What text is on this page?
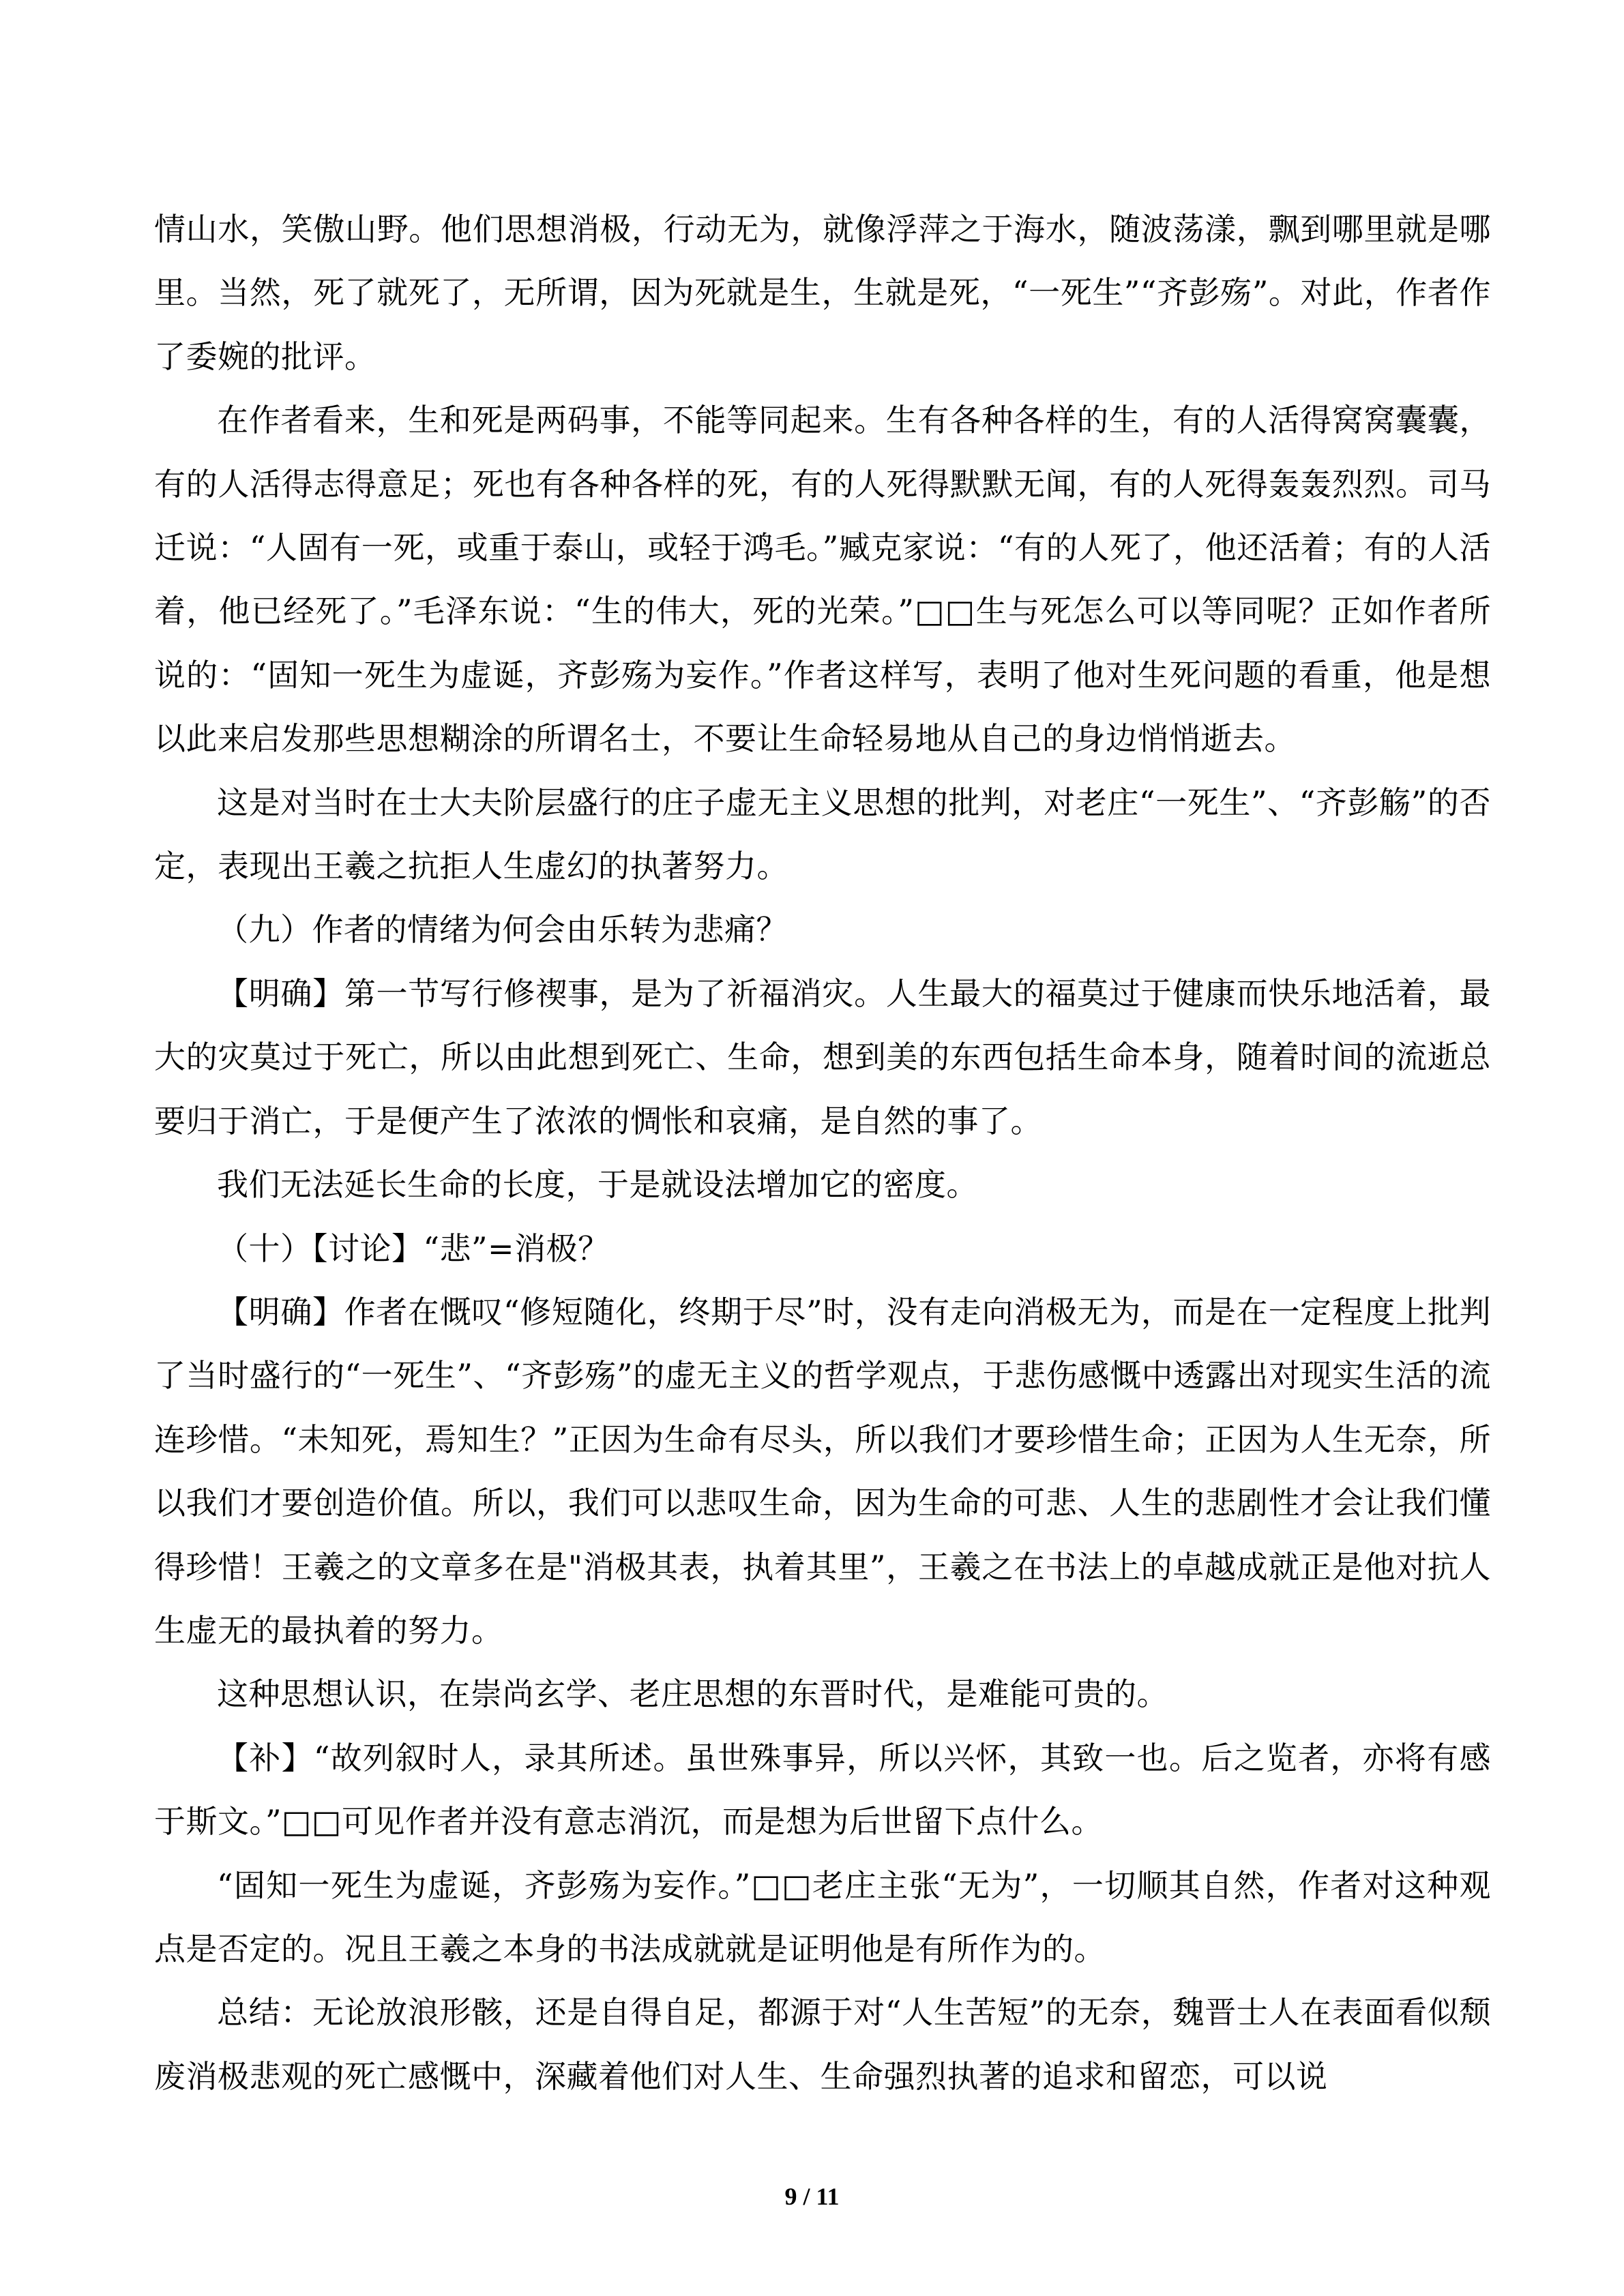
情山水，笑傲山野。他们思想消极，行动无为，就像浮萍之于海水，随波荡漾，飘到哪里就是哪里。当然，死了就死了，无所谓，因为死就是生，生就是死，“一死生”“齐彭殇”。对此，作者作了委婉的批评。

在作者看来，生和死是两码事，不能等同起来。生有各种各样的生，有的人活得窝窝囊囊，有的人活得志得意足；死也有各种各样的死，有的人死得默默无闻，有的人死得轰轰烈烈。司马迁说：“人固有一死，或重于泰山，或轻于鸿毛。”臧克家说：“有的人死了，他还活着；有的人活着，他已经死了。”毛泽东说：“生的伟大，死的光荣。”□□生与死怎么可以等同呢？正如作者所说的：“固知一死生为虚诞，齐彭殇为妄作。”作者这样写，表明了他对生死问题的看重，他是想以此来启发那些思想糊涂的所谓名士，不要让生命轻易地从自己的身边悄悄逝去。

这是对当时在士大夫阶层盛行的庄子虚无主义思想的批判，对老庄“一死生”、“齐彭觞”的否定，表现出王羲之抗拒人生虚幻的执著努力。

（九）作者的情绪为何会由乐转为悲痛？

【明确】第一节写行修禊事，是为了祈福消灾。人生最大的福莫过于健康而快乐地活着，最大的灾莫过于死亡，所以由此想到死亡、生命，想到美的东西包括生命本身，随着时间的流逝总要归于消亡，于是便产生了浓浓的惆怅和哀痛，是自然的事了。

我们无法延长生命的长度，于是就设法增加它的密度。

（十）【讨论】“悲”=消极？

【明确】作者在慨叹“修短随化，终期于尽”时，没有走向消极无为，而是在一定程度上批判了当时盛行的“一死生”、“齐彭殇”的虚无主义的哲学观点，于悲伤感慨中透露出对现实生活的流连珍惜。“未知死，焉知生？”正因为生命有尽头，所以我们才要珍惜生命；正因为人生无奈，所以我们才要创造价值。所以，我们可以悲叹生命，因为生命的可悲、人生的悲剧性才会让我们懂得珍惜！王羲之的文章多在是"消极其表，执着其里”，王羲之在书法上的卓越成就正是他对抗人生虚无的最执着的努力。

这种思想认识，在崇尚玄学、老庄思想的东晋时代，是难能可贵的。

【补】“故列叙时人，录其所述。虽世殊事异，所以兴怀，其致一也。后之览者，亦将有感于斯文。”□□可见作者并没有意志消沉，而是想为后世留下点什么。

“固知一死生为虚诞，齐彭殇为妄作。”□□老庄主张“无为”，一切顺其自然，作者对这种观点是否定的。况且王羲之本身的书法成就就是证明他是有所作为的。

总结：无论放浪形骸，还是自得自足，都源于对“人生苦短”的无奈，魏晋士人在表面看似颓废消极悲观的死亡感慨中，深藏着他们对人生、生命强烈执著的追求和留恋，可以说

9 / 11
